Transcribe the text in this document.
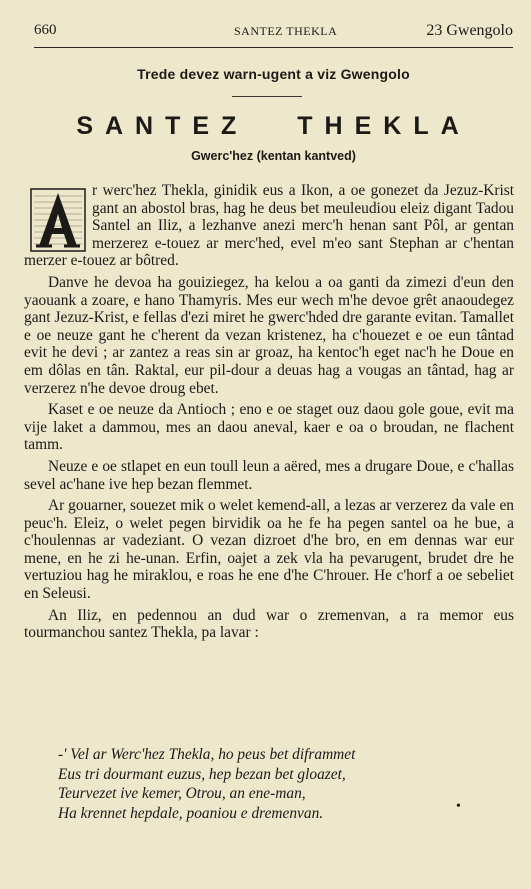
660	SANTEZ THEKLA	23 Gwengolo
Trede devez warn-ugent a viz Gwengolo
SANTEZ THEKLA
Gwerc'hez (kentan kantved)

r werc'hez Thekla, ginidik eus a Ikon, a oe gonezet da Jezuz-Krist gant an abostol bras, hag he deus bet meuleudiou eleiz digant Tadou Santel an Iliz, a lezhanve anezi merc'h henan sant Pôl, ar gentan merzerez e-touez ar merc'hed, evel m'eo sant Stephan ar c'hentan merzer e-touez ar bôtred.

Danve he devoa ha gouiziegez, ha kelou a oa ganti da zimezi d'eun den yaouank a zoare, e hano Thamyris. Mes eur wech m'he devoe grêt anaoudegez gant Jezuz-Krist, e fellas d'ezi miret he gwerc'hded dre garante evitan. Tamallet e oe neuze gant he c'herent da vezan kristenez, ha c'houezet e oe eun tântad evit he devi ; ar zantez a reas sin ar groaz, ha kentoc'h eget nac'h he Doue en em dôlas en tân. Raktal, eur pil-dour a deuas hag a vougas an tântad, hag ar verzerez n'he devoe droug ebet.

Kaset e oe neuze da Antioch ; eno e oe staget ouz daou gole goue, evit ma vije laket a dammou, mes an daou aneval, kaer e oa o broudan, ne flachent tamm.

Neuze e oe stlapet en eun toull leun a aëred, mes a drugare Doue, e c'hallas sevel ac'hane ive hep bezan flemmet.

Ar gouarner, souezet mik o welet kemend-all, a lezas ar verzerez da vale en peuc'h. Eleiz, o welet pegen birvidik oa he fe ha pegen santel oa he bue, a c'houlennas ar vadeziant. O vezan dizroet d'he bro, en em dennas war eur mene, en he zi he-unan. Erfin, oajet a zek vla ha pevarugent, brudet dre he vertuziou hag he miraklou, e roas he ene d'he C'hrouer. He c'horf a oe sebeliet en Seleusi.

An Iliz, en pedennou an dud war o zremenvan, a ra memor eus tourmanchou santez Thekla, pa lavar :

-' Vel ar Werc'hez Thekla, ho peus bet diframmet
Eus tri dourmant euzus, hep bezan bet gloazet,
Teurvezet ive kemer, Otrou, an ene-man,
Ha krennet hepdale, poaniou e dremenvan.	•
